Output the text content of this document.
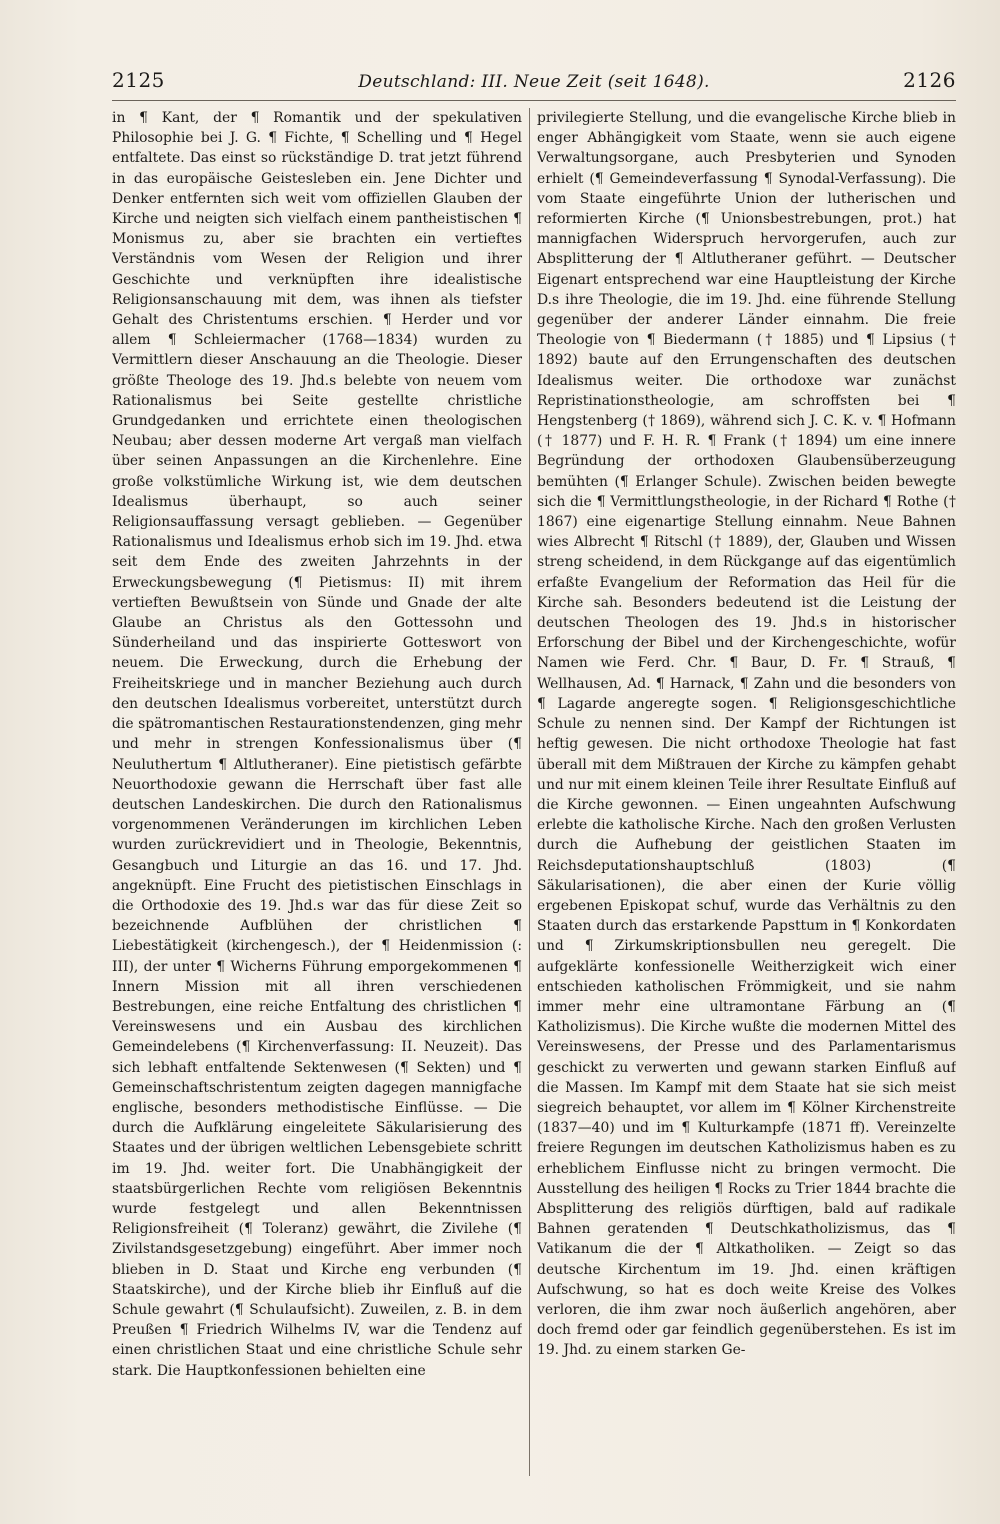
2125	Deutschland: III. Neue Zeit (seit 1648).	2126

in ¶ Kant, der ¶ Romantik und der spekulativen Philosophie bei J. G. ¶ Fichte, ¶ Schelling und ¶ Hegel entfaltete. Das einst so rückständige D. trat jetzt führend in das europäische Geistesleben ein. Jene Dichter und Denker entfernten sich weit vom offiziellen Glauben der Kirche und neigten sich vielfach einem pantheistischen ¶ Monismus zu, aber sie brachten ein vertieftes Verständnis vom Wesen der Religion und ihrer Geschichte und verknüpften ihre idealistische Religionsanschauung mit dem, was ihnen als tiefster Gehalt des Christentums erschien. ¶ Herder und vor allem ¶ Schleiermacher (1768—1834) wurden zu Vermittlern dieser Anschauung an die Theologie. Dieser größte Theologe des 19. Jhd.s belebte von neuem vom Rationalismus bei Seite gestellte christliche Grundgedanken und errichtete einen theologischen Neubau; aber dessen moderne Art vergaß man vielfach über seinen Anpassungen an die Kirchenlehre. Eine große volkstümliche Wirkung ist, wie dem deutschen Idealismus überhaupt, so auch seiner Religionsauffassung versagt geblieben. — Gegenüber Rationalismus und Idealismus erhob sich im 19. Jhd. etwa seit dem Ende des zweiten Jahrzehnts in der Erweckungsbewegung (¶ Pietismus: II) mit ihrem vertieften Bewußtsein von Sünde und Gnade der alte Glaube an Christus als den Gottessohn und Sünderheiland und das inspirierte Gotteswort von neuem. Die Erweckung, durch die Erhebung der Freiheitskriege und in mancher Beziehung auch durch den deutschen Idealismus vorbereitet, unterstützt durch die spätromantischen Restaurationstendenzen, ging mehr und mehr in strengen Konfessionalismus über (¶ Neuluthertum ¶ Altlutheraner). Eine pietistisch gefärbte Neuorthodoxie gewann die Herrschaft über fast alle deutschen Landeskirchen. Die durch den Rationalismus vorgenommenen Veränderungen im kirchlichen Leben wurden zurückrevidiert und in Theologie, Bekenntnis, Gesangbuch und Liturgie an das 16. und 17. Jhd. angeknüpft. Eine Frucht des pietistischen Einschlags in die Orthodoxie des 19. Jhd.s war das für diese Zeit so bezeichnende Aufblühen der christlichen ¶ Liebestätigkeit (kirchengesch.), der ¶ Heidenmission (: III), der unter ¶ Wicherns Führung emporgekommenen ¶ Innern Mission mit all ihren verschiedenen Bestrebungen, eine reiche Entfaltung des christlichen ¶ Vereinswesens und ein Ausbau des kirchlichen Gemeindelebens (¶ Kirchenverfassung: II. Neuzeit). Das sich lebhaft entfaltende Sektenwesen (¶ Sekten) und ¶ Gemeinschaftschristentum zeigten dagegen mannigfache englische, besonders methodistische Einflüsse. — Die durch die Aufklärung eingeleitete Säkularisierung des Staates und der übrigen weltlichen Lebensgebiete schritt im 19. Jhd. weiter fort. Die Unabhängigkeit der staatsbürgerlichen Rechte vom religiösen Bekenntnis wurde festgelegt und allen Bekenntnissen Religionsfreiheit (¶ Toleranz) gewährt, die Zivilehe (¶ Zivilstandsgesetzgebung) eingeführt. Aber immer noch blieben in D. Staat und Kirche eng verbunden (¶ Staatskirche), und der Kirche blieb ihr Einfluß auf die Schule gewahrt (¶ Schulaufsicht). Zuweilen, z. B. in dem Preußen ¶ Friedrich Wilhelms IV, war die Tendenz auf einen christlichen Staat und eine christliche Schule sehr stark. Die Hauptkonfessionen behielten eine

privilegierte Stellung, und die evangelische Kirche blieb in enger Abhängigkeit vom Staate, wenn sie auch eigene Verwaltungsorgane, auch Presbyterien und Synoden erhielt (¶ Gemeindeverfassung ¶ Synodal-Verfassung). Die vom Staate eingeführte Union der lutherischen und reformierten Kirche (¶ Unionsbestrebungen, prot.) hat mannigfachen Widerspruch hervorgerufen, auch zur Absplitterung der ¶ Altlutheraner geführt. — Deutscher Eigenart entsprechend war eine Hauptleistung der Kirche D.s ihre Theologie, die im 19. Jhd. eine führende Stellung gegenüber der anderer Länder einnahm. Die freie Theologie von ¶ Biedermann († 1885) und ¶ Lipsius († 1892) baute auf den Errungenschaften des deutschen Idealismus weiter. Die orthodoxe war zunächst Repristinationstheologie, am schroffsten bei ¶ Hengstenberg († 1869), während sich J. C. K. v. ¶ Hofmann († 1877) und F. H. R. ¶ Frank († 1894) um eine innere Begründung der orthodoxen Glaubensüberzeugung bemühten (¶ Erlanger Schule). Zwischen beiden bewegte sich die ¶ Vermittlungstheologie, in der Richard ¶ Rothe († 1867) eine eigenartige Stellung einnahm. Neue Bahnen wies Albrecht ¶ Ritschl († 1889), der, Glauben und Wissen streng scheidend, in dem Rückgange auf das eigentümlich erfaßte Evangelium der Reformation das Heil für die Kirche sah. Besonders bedeutend ist die Leistung der deutschen Theologen des 19. Jhd.s in historischer Erforschung der Bibel und der Kirchengeschichte, wofür Namen wie Ferd. Chr. ¶ Baur, D. Fr. ¶ Strauß, ¶ Wellhausen, Ad. ¶ Harnack, ¶ Zahn und die besonders von ¶ Lagarde angeregte sogen. ¶ Religionsgeschichtliche Schule zu nennen sind. Der Kampf der Richtungen ist heftig gewesen. Die nicht orthodoxe Theologie hat fast überall mit dem Mißtrauen der Kirche zu kämpfen gehabt und nur mit einem kleinen Teile ihrer Resultate Einfluß auf die Kirche gewonnen. — Einen ungeahnten Aufschwung erlebte die katholische Kirche. Nach den großen Verlusten durch die Aufhebung der geistlichen Staaten im Reichsdeputationshauptschluß (1803) (¶ Säkularisationen), die aber einen der Kurie völlig ergebenen Episkopat schuf, wurde das Verhältnis zu den Staaten durch das erstarkende Papsttum in ¶ Konkordaten und ¶ Zirkumskriptionsbullen neu geregelt. Die aufgeklärte konfessionelle Weitherzigkeit wich einer entschieden katholischen Frömmigkeit, und sie nahm immer mehr eine ultramontane Färbung an (¶ Katholizismus). Die Kirche wußte die modernen Mittel des Vereinswesens, der Presse und des Parlamentarismus geschickt zu verwerten und gewann starken Einfluß auf die Massen. Im Kampf mit dem Staate hat sie sich meist siegreich behauptet, vor allem im ¶ Kölner Kirchenstreite (1837—40) und im ¶ Kulturkampfe (1871 ff). Vereinzelte freiere Regungen im deutschen Katholizismus haben es zu erheblichem Einflusse nicht zu bringen vermocht. Die Ausstellung des heiligen ¶ Rocks zu Trier 1844 brachte die Absplitterung des religiös dürftigen, bald auf radikale Bahnen geratenden ¶ Deutschkatholizismus, das ¶ Vatikanum die der ¶ Altkatholiken. — Zeigt so das deutsche Kirchentum im 19. Jhd. einen kräftigen Aufschwung, so hat es doch weite Kreise des Volkes verloren, die ihm zwar noch äußerlich angehören, aber doch fremd oder gar feindlich gegenüberstehen. Es ist im 19. Jhd. zu einem starken Ge-
